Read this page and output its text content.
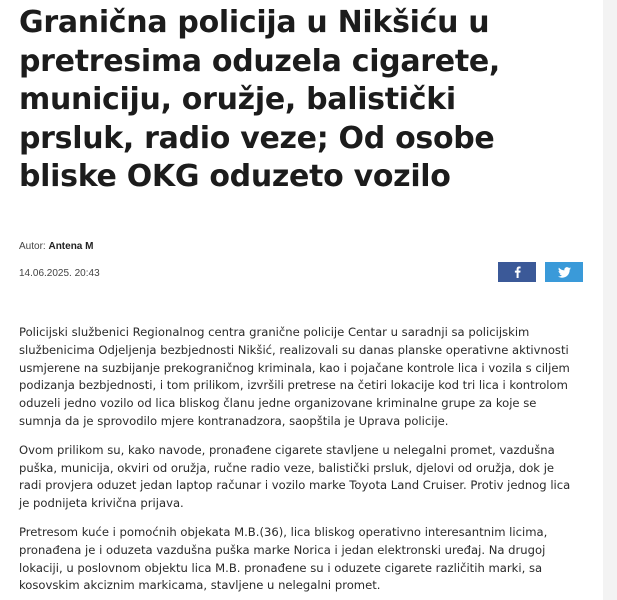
Granična policija u Nikšiću u pretresima oduzela cigarete, municiju, oružje, balistički prsluk, radio veze; Od osobe bliske OKG oduzeto vozilo
Autor: Antena M
14.06.2025. 20:43

Policijski službenici Regionalnog centra granične policije Centar u saradnji sa policijskim službenicima Odjeljenja bezbjednosti Nikšić, realizovali su danas planske operativne aktivnosti usmjerene na suzbijanje prekograničnog kriminala, kao i pojačane kontrole lica i vozila s ciljem podizanja bezbjednosti, i tom prilikom, izvršili pretrese na četiri lokacije kod tri lica i kontrolom oduzeli jedno vozilo od lica bliskog članu jedne organizovane kriminalne grupe za koje se sumnja da je sprovodilo mjere kontranadzora, saopštila je Uprava policije.

Ovom prilikom su, kako navode, pronađene cigarete stavljene u nelegalni promet, vazdušna puška, municija, okviri od oružja, ručne radio veze, balistički prsluk, djelovi od oružja, dok je radi provjera oduzet jedan laptop računar i vozilo marke Toyota Land Cruiser. Protiv jednog lica je podnijeta krivična prijava.

Pretresom kuće i pomoćnih objekata M.B.(36), lica bliskog operativno interesantnim licima, pronađena je i oduzeta vazdušna puška marke Norica i jedan elektronski uređaj. Na drugoj lokaciji, u poslovnom objektu lica M.B. pronađene su i oduzete cigarete različitih marki, sa kosovskim akciznim markicama, stavljene u nelegalni promet.
